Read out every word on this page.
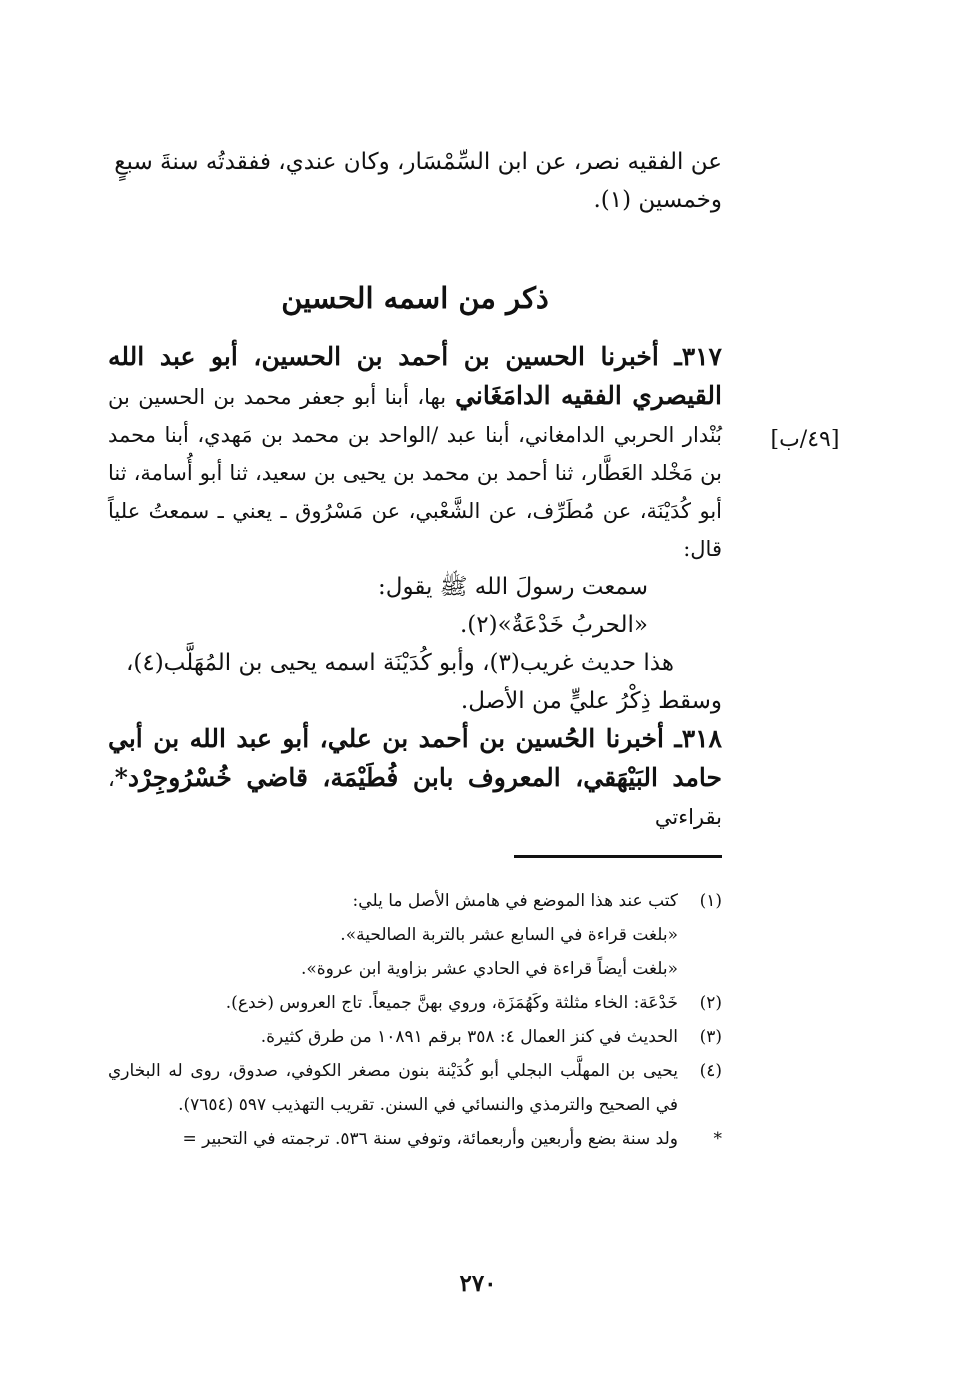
عن الفقيه نصر، عن ابن السِّمْسَار، وكان عندي، ففقدتُه سنةَ سبعٍ

وخمسين (١).

ذكر من اسمه الحسين

٣١٧ـ أخبرنا الحسين بن أحمد بن الحسين، أبو عبد الله القيصري الفقيه الدامَغَاني بها، أبنا أبو جعفر محمد بن الحسين بن بُنْدار الحربي الدامغاني، أبنا عبد /الواحد بن محمد بن مَهدي، أبنا محمد بن مَخْلد العَطَّار، ثنا أحمد بن محمد بن يحيى بن سعيد، ثنا أبو أُسامة، ثنا أبو كُدَيْنَة، عن مُطَرِّف، عن الشَّعْبي، عن مَسْرُوق ـ يعني ـ سمعتُ علياً قال:

سمعت رسولَ الله ﷺ يقول:

«الحربُ خَدْعَةٌ»(٢).

هذا حديث غريب(٣)، وأبو كُدَيْنَة اسمه يحيى بن المُهَلَّب(٤)،

وسقط ذِكْرُ عليٍّ من الأصل.

٣١٨ـ أخبرنا الحُسين بن أحمد بن علي، أبو عبد الله بن أبي حامد البَيْهَقي، المعروف بابن فُطَيْمَة، قاضي خُسْرُوجِرْد*، بقراءتي

[٤٩/ب]
(١)
كتب عند هذا الموضع في هامش الأصل ما يلي:
«بلغت قراءة في السابع عشر بالتربة الصالحية».
«بلغت أيضاً قراءة في الحادي عشر بزاوية ابن عروة».
(٢)
خَدْعَة: الخاء مثلثة وكَهُمَزَة، وروي بهنَّ جميعاً. تاج العروس (خدع).
(٣)
الحديث في كنز العمال ٤: ٣٥٨ برقم ١٠٨٩١ من طرق كثيرة.
(٤)
يحيى بن المهلَّب البجلي أبو كُدَيْنة بنون مصغر الكوفي، صدوق، روى له البخاري في الصحيح والترمذي والنسائي في السنن. تقريب التهذيب ٥٩٧ (٧٦٥٤).
*
ولد سنة بضع وأربعين وأربعمائة، وتوفي سنة ٥٣٦. ترجمته في التحبير =
٢٧٠
